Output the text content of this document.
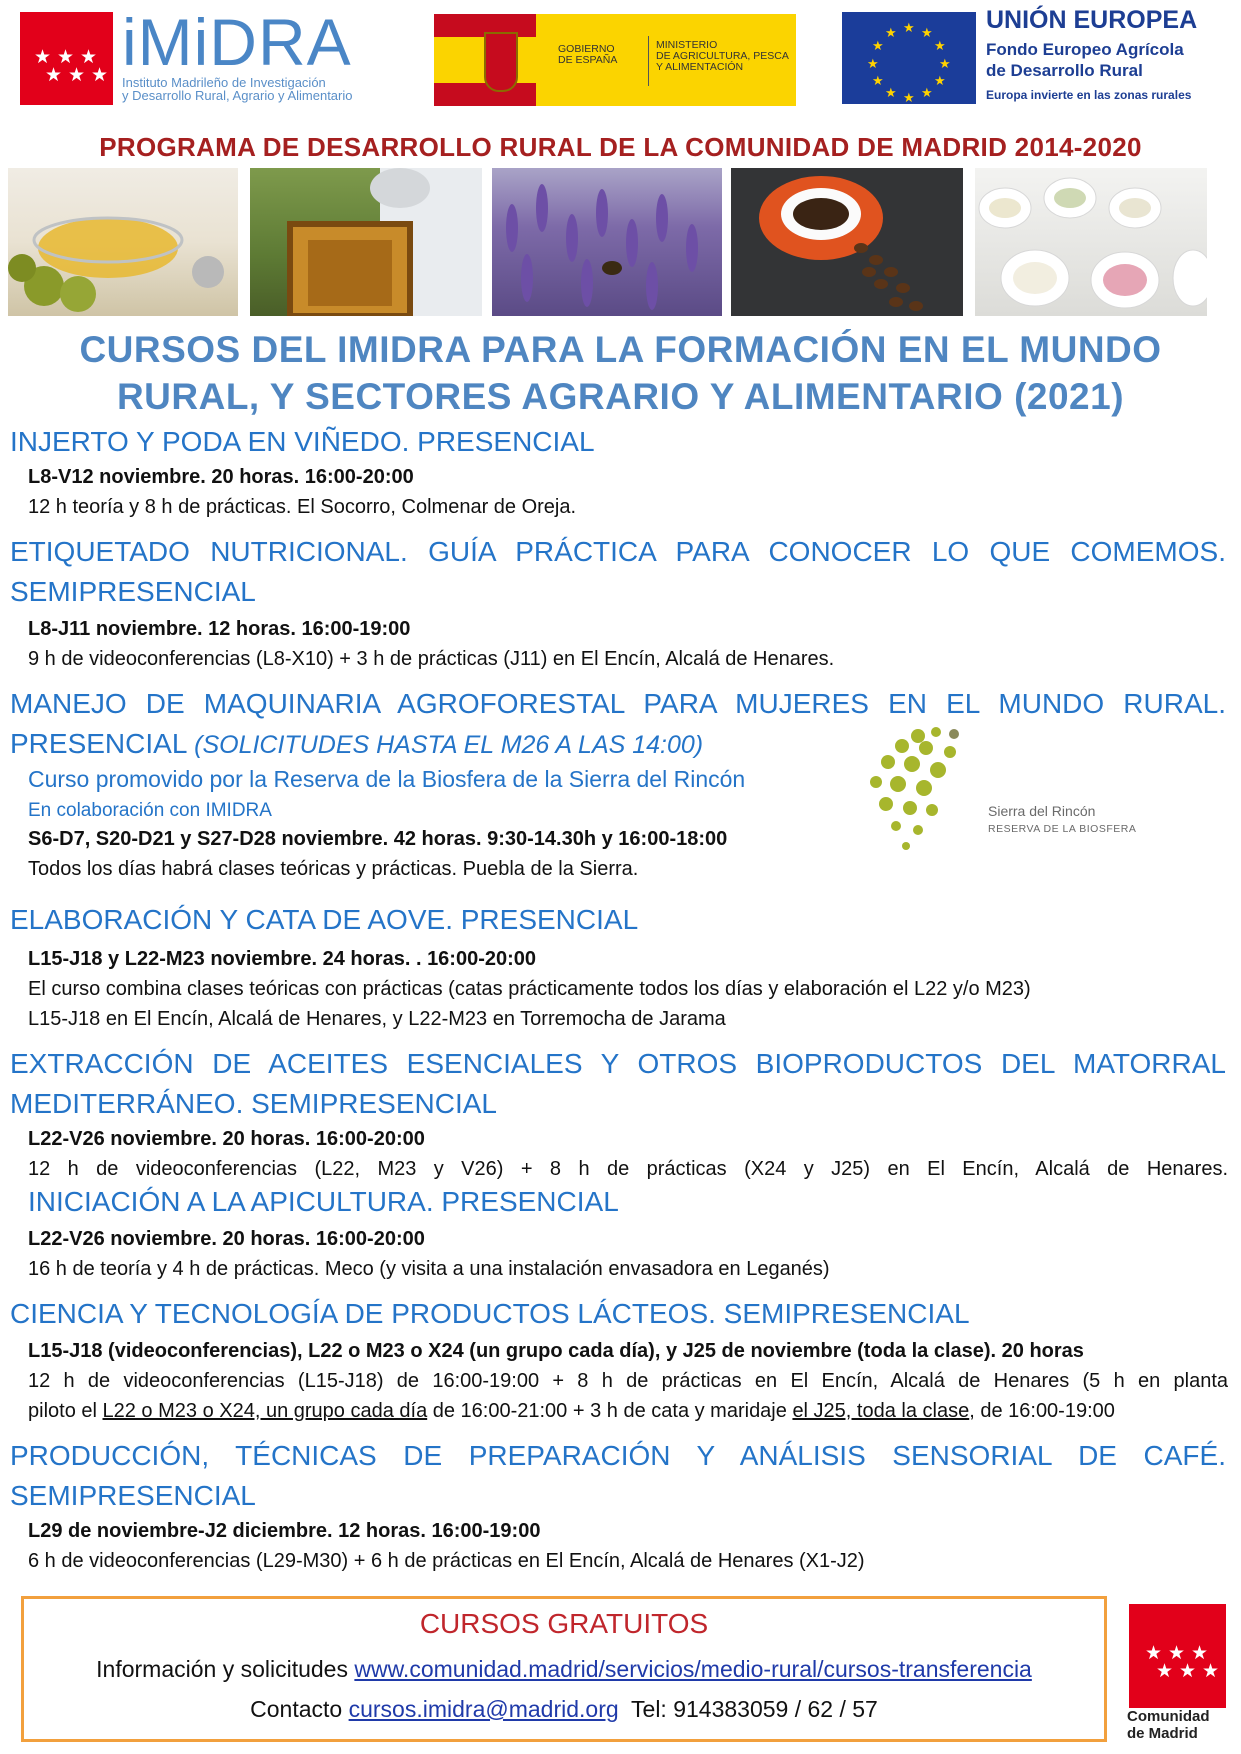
★ ★ ★
★ ★ ★ iMiDRA
Instituto Madrileño de Investigación
y Desarrollo Rural, Agrario y Alimentario
GOBIERNO
DE ESPAÑA
MINISTERIO
DE AGRICULTURA, PESCA
Y ALIMENTACIÓN
★ ★
★
★
★
★
★
★
★
★
★
★	UNIÓN EUROPEA
Fondo Europeo Agrícola
de Desarrollo Rural
Europa invierte en las zonas rurales
PROGRAMA DE DESARROLLO RURAL DE LA COMUNIDAD DE MADRID 2014-2020
CURSOS DEL IMIDRA PARA LA FORMACIÓN EN EL MUNDO
RURAL, Y SECTORES AGRARIO Y ALIMENTARIO (2021)
INJERTO Y PODA EN VIÑEDO. PRESENCIAL
L8-V12 noviembre. 20 horas. 16:00-20:00
12 h teoría y 8 h de prácticas. El Socorro, Colmenar de Oreja.
ETIQUETADO NUTRICIONAL. GUÍA PRÁCTICA PARA CONOCER LO QUE COMEMOS.
SEMIPRESENCIAL
L8-J11 noviembre. 12 horas. 16:00-19:00
9 h de videoconferencias (L8-X10) + 3 h de prácticas (J11) en El Encín, Alcalá de Henares.
MANEJO DE MAQUINARIA AGROFORESTAL PARA MUJERES EN EL MUNDO RURAL.
PRESENCIAL (SOLICITUDES HASTA EL M26 A LAS 14:00)
Curso promovido por la Reserva de la Biosfera de la Sierra del Rincón
En colaboración con IMIDRA
S6-D7, S20-D21 y S27-D28 noviembre. 42 horas. 9:30-14.30h y 16:00-18:00
Todos los días habrá clases teóricas y prácticas. Puebla de la Sierra.
Sierra del Rincón
RESERVA DE LA BIOSFERA
ELABORACIÓN Y CATA DE AOVE. PRESENCIAL
L15-J18 y L22-M23 noviembre. 24 horas. . 16:00-20:00
El curso combina clases teóricas con prácticas (catas prácticamente todos los días y elaboración el L22 y/o M23)
L15-J18 en El Encín, Alcalá de Henares, y L22-M23 en Torremocha de Jarama
EXTRACCIÓN DE ACEITES ESENCIALES Y OTROS BIOPRODUCTOS DEL MATORRAL
MEDITERRÁNEO. SEMIPRESENCIAL
L22-V26 noviembre. 20 horas. 16:00-20:00
12 h de videoconferencias (L22, M23 y V26) + 8 h de prácticas (X24 y J25) en El Encín, Alcalá de Henares.
INICIACIÓN A LA APICULTURA. PRESENCIAL
L22-V26 noviembre. 20 horas. 16:00-20:00
16 h de teoría y 4 h de prácticas. Meco (y visita a una instalación envasadora en Leganés)
CIENCIA Y TECNOLOGÍA DE PRODUCTOS LÁCTEOS. SEMIPRESENCIAL
L15-J18 (videoconferencias), L22 o M23 o X24 (un grupo cada día), y J25 de noviembre (toda la clase). 20 horas
12 h de videoconferencias (L15-J18) de 16:00-19:00 + 8 h de prácticas en El Encín, Alcalá de Henares (5 h en planta
piloto el L22 o M23 o X24, un grupo cada día de 16:00-21:00 + 3 h de cata y maridaje el J25, toda la clase, de 16:00-19:00
PRODUCCIÓN, TÉCNICAS DE PREPARACIÓN Y ANÁLISIS SENSORIAL DE CAFÉ.
SEMIPRESENCIAL
L29 de noviembre-J2 diciembre. 12 horas. 16:00-19:00
6 h de videoconferencias (L29-M30) + 6 h de prácticas en El Encín, Alcalá de Henares (X1-J2)
CURSOS GRATUITOS
Información y solicitudes www.comunidad.madrid/servicios/medio-rural/cursos-transferencia
Contacto cursos.imidra@madrid.org  Tel: 914383059 / 62 / 57
★ ★ ★
★ ★ ★
Comunidad
de Madrid
